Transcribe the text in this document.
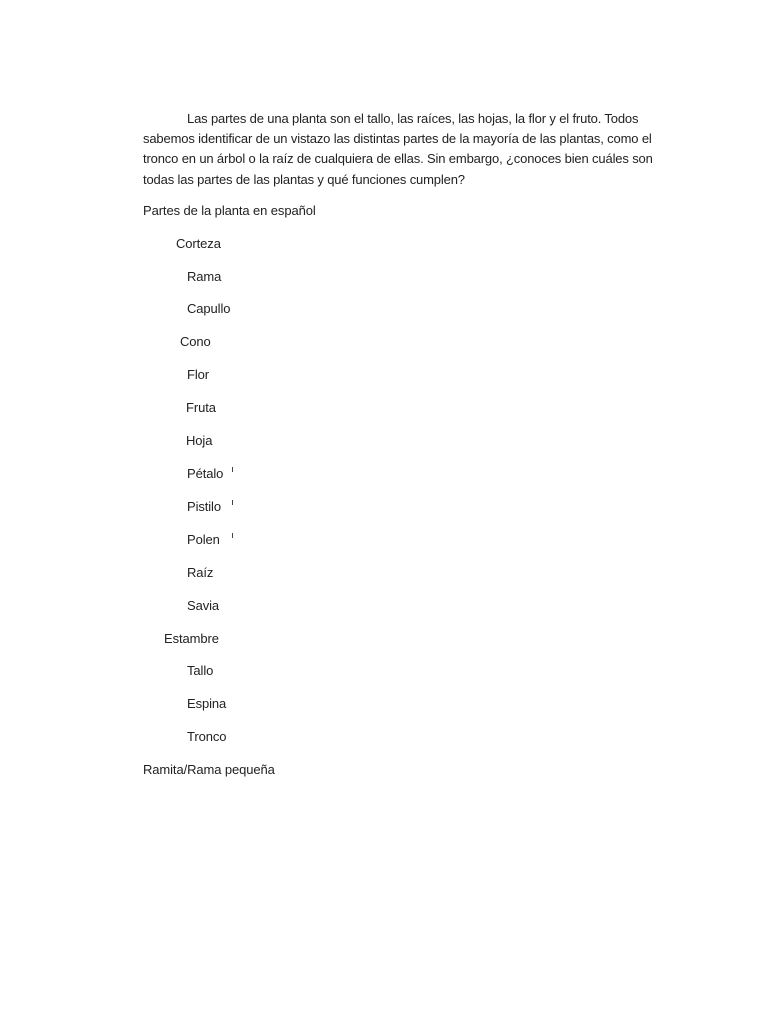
Las partes de una planta son el tallo, las raíces, las hojas, la flor y el fruto. Todos sabemos identificar de un vistazo las distintas partes de la mayoría de las plantas, como el tronco en un árbol o la raíz de cualquiera de ellas. Sin embargo, ¿conoces bien cuáles son todas las partes de las plantas y qué funciones cumplen?

Partes de la planta en español

Corteza

Rama

Capullo

Cono

Flor

Fruta

Hoja

Pétalo

Pistilo

Polen

Raíz

Savia

Estambre

Tallo

Espina

Tronco

Ramita/Rama pequeña
